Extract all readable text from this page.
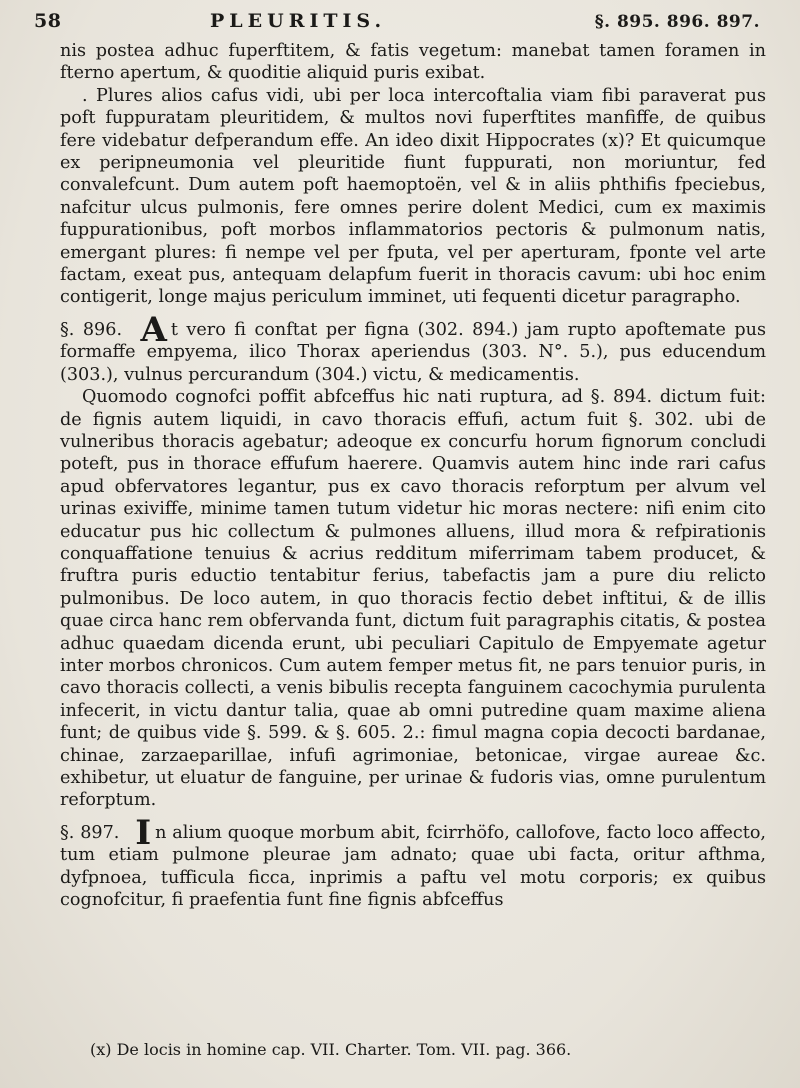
58	PLEURITIS.	§. 895. 896. 897.

nis postea adhuc fuperftitem, & fatis vegetum: manebat tamen foramen in fterno apertum, & quoditie aliquid puris exibat.

. Plures alios cafus vidi, ubi per loca intercoftalia viam fibi paraverat pus poft fuppuratam pleuritidem, & multos novi fuperftites manfiffe, de quibus fere videbatur defperandum effe. An ideo dixit Hippocrates (x)? Et quicumque ex peripneumonia vel pleuritide fiunt fuppurati, non moriuntur, fed convalefcunt. Dum autem poft haemoptoën, vel & in aliis phthifis fpeciebus, nafcitur ulcus pulmonis, fere omnes perire dolent Medici, cum ex maximis fuppurationibus, poft morbos inflammatorios pectoris & pulmonum natis, emergant plures: fi nempe vel per fputa, vel per aperturam, fponte vel arte factam, exeat pus, antequam delapfum fuerit in thoracis cavum: ubi hoc enim contigerit, longe majus periculum imminet, uti fequenti dicetur paragrapho.

§. 896. A t vero fi conftat per figna (302. 894.) jam rupto apoftemate pus formaffe empyema, ilico Thorax aperiendus (303. N°. 5.), pus educendum (303.), vulnus percurandum (304.) victu, & medicamentis.

Quomodo cognofci poffit abfceffus hic nati ruptura, ad §. 894. dictum fuit: de fignis autem liquidi, in cavo thoracis effufi, actum fuit §. 302. ubi de vulneribus thoracis agebatur; adeoque ex concurfu horum fignorum concludi poteft, pus in thorace effufum haerere. Quamvis autem hinc inde rari cafus apud obfervatores legantur, pus ex cavo thoracis reforptum per alvum vel urinas exiviffe, minime tamen tutum videtur hic moras nectere: nifi enim cito educatur pus hic collectum & pulmones alluens, illud mora & refpirationis conquaffatione tenuius & acrius redditum miferrimam tabem producet, & fruftra puris eductio tentabitur ferius, tabefactis jam a pure diu relicto pulmonibus. De loco autem, in quo thoracis fectio debet inftitui, & de illis quae circa hanc rem obfervanda funt, dictum fuit paragraphis citatis, & postea adhuc quaedam dicenda erunt, ubi peculiari Capitulo de Empyemate agetur inter morbos chronicos. Cum autem femper metus fit, ne pars tenuior puris, in cavo thoracis collecti, a venis bibulis recepta fanguinem cacochymia purulenta infecerit, in victu dantur talia, quae ab omni putredine quam maxime aliena funt; de quibus vide §. 599. & §. 605. 2.: fimul magna copia decocti bardanae, chinae, zarzaeparillae, infufi agrimoniae, betonicae, virgae aureae &c. exhibetur, ut eluatur de fanguine, per urinae & fudoris vias, omne purulentum reforptum.

§. 897. I n alium quoque morbum abit, fcirrhöfo, callofove, facto loco affecto, tum etiam pulmone pleurae jam adnato; quae ubi facta, oritur afthma, dyfpnoea, tufficula ficca, inprimis a paftu vel motu corporis; ex quibus cognofcitur, fi praefentia funt fine fignis abfceffus

(x) De locis in homine cap. VII. Charter. Tom. VII. pag. 366.
